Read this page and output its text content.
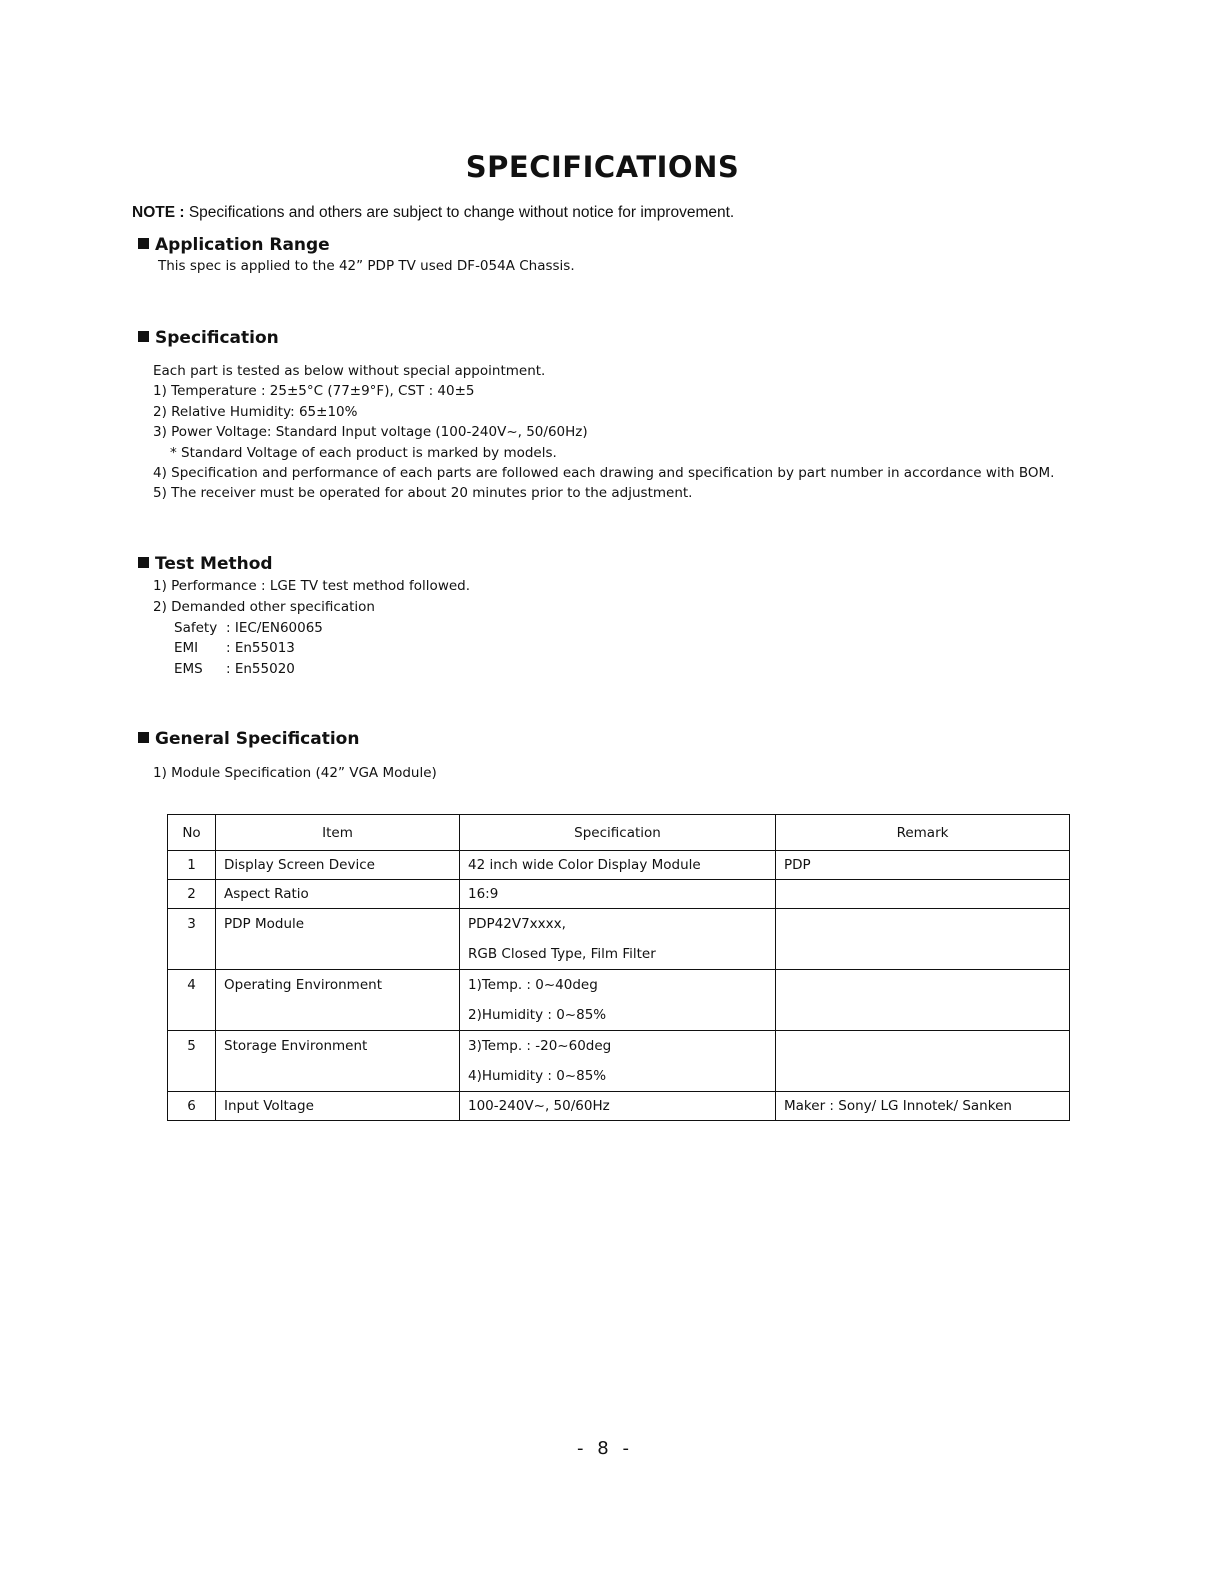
SPECIFICATIONS
NOTE : Specifications and others are subject to change without notice for improvement.
Application Range
This spec is applied to the 42” PDP TV used DF-054A Chassis.
Specification
Each part is tested as below without special appointment.
1) Temperature : 25±5°C (77±9°F), CST : 40±5
2) Relative Humidity: 65±10%
3) Power Voltage: Standard Input voltage (100-240V~, 50/60Hz)
* Standard Voltage of each product is marked by models.
4) Specification and performance of each parts are followed each drawing and specification by part number in accordance with BOM.
5) The receiver must be operated for about 20 minutes prior to the adjustment.
Test Method
1) Performance : LGE TV test method followed.
2) Demanded other specification
Safety : IEC/EN60065
EMI : En55013
EMS : En55020
General Specification
1) Module Specification (42” VGA Module)
No	Item	Specification	Remark
1	Display Screen Device	42 inch wide Color Display Module	PDP
2	Aspect Ratio	16:9	
3	PDP Module	PDP42V7xxxx,
RGB Closed Type, Film Filter	

4	Operating Environment	1)Temp. : 0~40deg
2)Humidity : 0~85%	

5	Storage Environment	3)Temp. : -20~60deg
4)Humidity : 0~85%	

6	Input Voltage	100-240V~, 50/60Hz	Maker : Sony/ LG Innotek/ Sanken
- 8 -
